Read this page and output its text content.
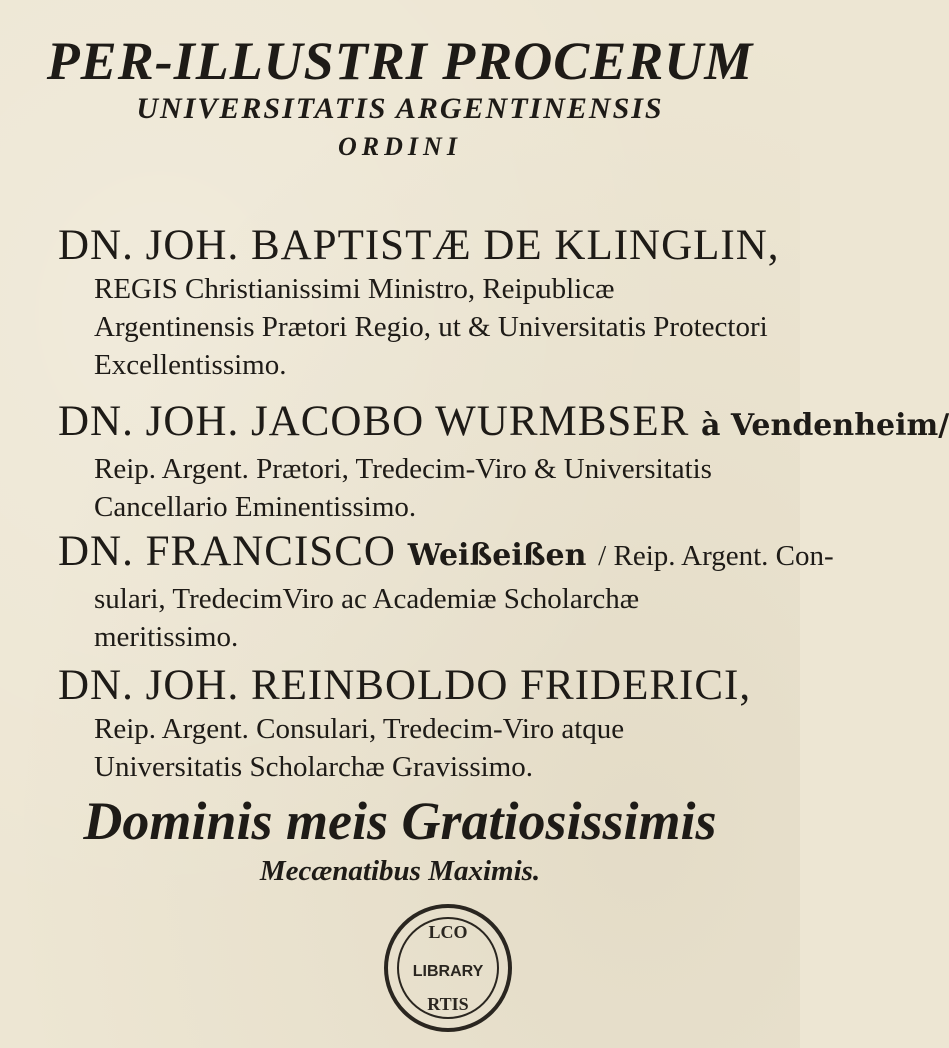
PER-ILLUSTRI PROCERUM
UNIVERSITATIS ARGENTINENSIS
ORDINI
DN. JOH. BAPTISTÆ DE KLINGLIN,
REGIS Christianissimi Ministro, Reipublicæ Argentinensis Prætori Regio, ut & Universitatis Protectori Excellentissimo.
DN. JOH. JACOBO WURMBSER à Vendenheim/
Reip. Argent. Prætori, Tredecim-Viro & Universitatis Cancellario Eminentissimo.
DN. FRANCISCO Weißeißen / Reip. Argent. Con-
sulari, TredecimViro ac Academiæ Scholarchæ meritissimo.
DN. JOH. REINBOLDO FRIDERICI,
Reip. Argent. Consulari, Tredecim-Viro atque Universitatis Scholarchæ Gravissimo.
Dominis meis Gratiosissimis
Mecænatibus Maximis.
LCO
LIBRARY
RTIS
